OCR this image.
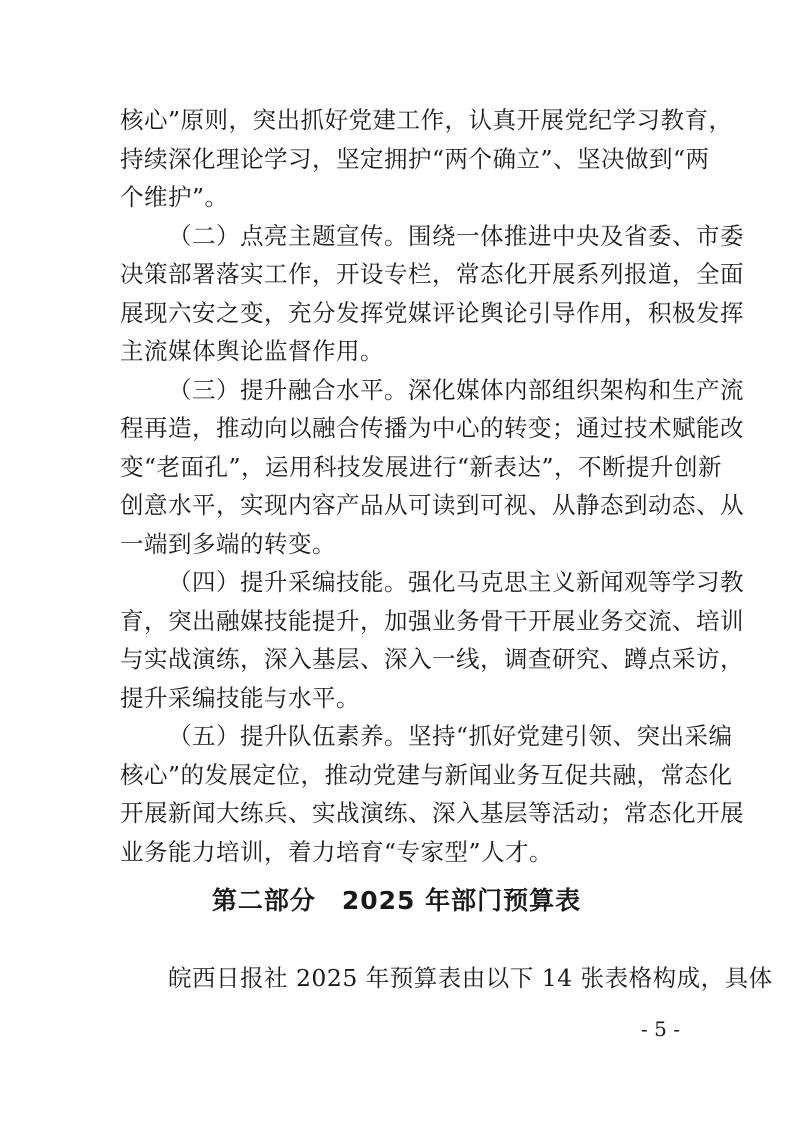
核心”原则，突出抓好党建工作，认真开展党纪学习教育，
持续深化理论学习，坚定拥护“两个确立”、坚决做到“两
个维护”。
（二）点亮主题宣传。围绕一体推进中央及省委、市委
决策部署落实工作，开设专栏，常态化开展系列报道，全面
展现六安之变，充分发挥党媒评论舆论引导作用，积极发挥
主流媒体舆论监督作用。
（三）提升融合水平。深化媒体内部组织架构和生产流
程再造，推动向以融合传播为中心的转变；通过技术赋能改
变“老面孔”，运用科技发展进行“新表达”，不断提升创新
创意水平，实现内容产品从可读到可视、从静态到动态、从
一端到多端的转变。
（四）提升采编技能。强化马克思主义新闻观等学习教
育，突出融媒技能提升，加强业务骨干开展业务交流、培训
与实战演练，深入基层、深入一线，调查研究、蹲点采访，
提升采编技能与水平。
（五）提升队伍素养。坚持“抓好党建引领、突出采编
核心”的发展定位，推动党建与新闻业务互促共融，常态化
开展新闻大练兵、实战演练、深入基层等活动；常态化开展
业务能力培训，着力培育“专家型”人才。
第二部分　2025 年部门预算表
皖西日报社 2025 年预算表由以下 14 张表格构成，具体
- 5 -
